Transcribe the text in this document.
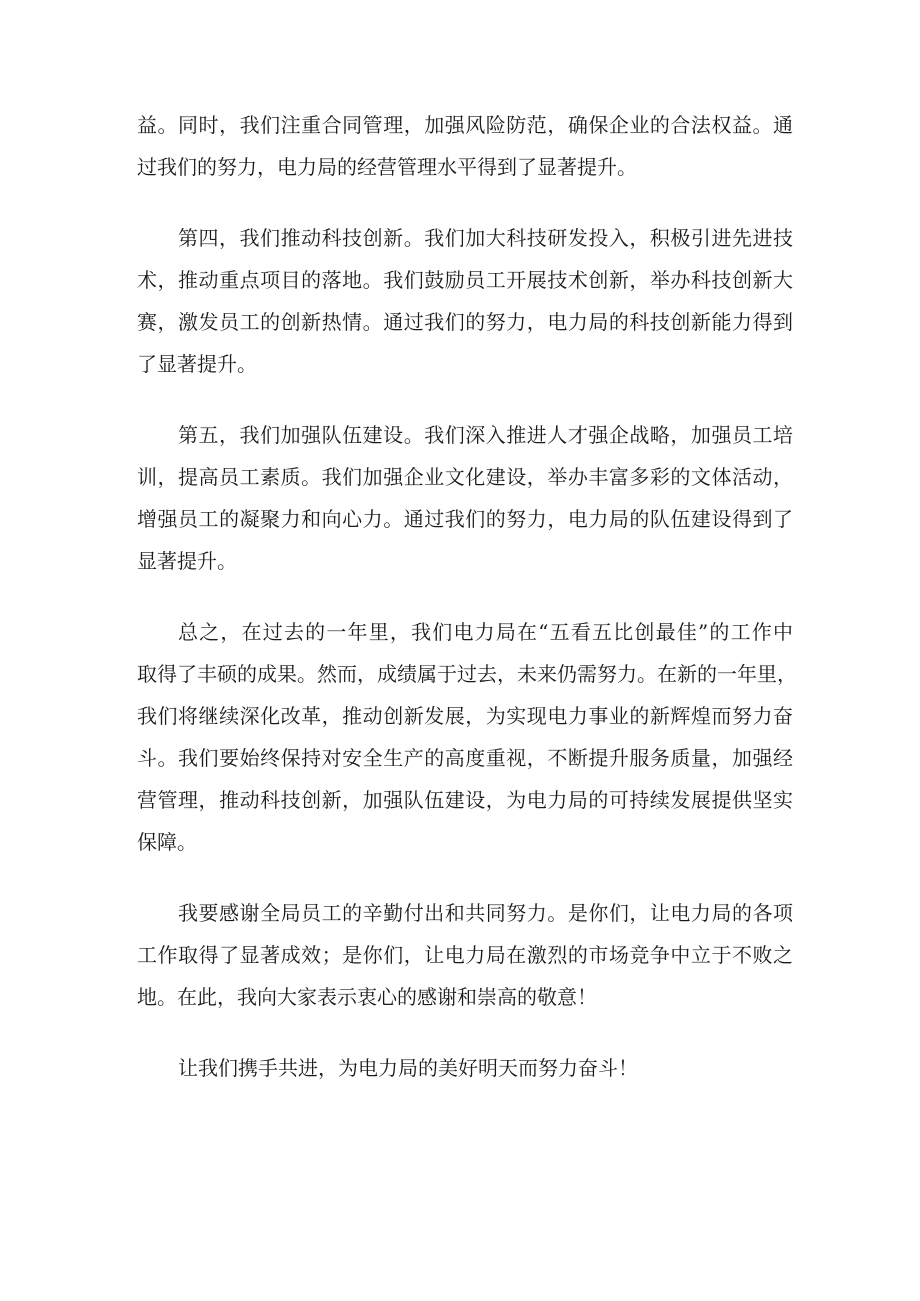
益。同时，我们注重合同管理，加强风险防范，确保企业的合法权益。通
过我们的努力，电力局的经营管理水平得到了显著提升。
第四，我们推动科技创新。我们加大科技研发投入，积极引进先进技
术，推动重点项目的落地。我们鼓励员工开展技术创新，举办科技创新大
赛，激发员工的创新热情。通过我们的努力，电力局的科技创新能力得到
了显著提升。
第五，我们加强队伍建设。我们深入推进人才强企战略，加强员工培
训，提高员工素质。我们加强企业文化建设，举办丰富多彩的文体活动，
增强员工的凝聚力和向心力。通过我们的努力，电力局的队伍建设得到了
显著提升。
总之，在过去的一年里，我们电力局在“五看五比创最佳”的工作中
取得了丰硕的成果。然而，成绩属于过去，未来仍需努力。在新的一年里，
我们将继续深化改革，推动创新发展，为实现电力事业的新辉煌而努力奋
斗。我们要始终保持对安全生产的高度重视，不断提升服务质量，加强经
营管理，推动科技创新，加强队伍建设，为电力局的可持续发展提供坚实
保障。
我要感谢全局员工的辛勤付出和共同努力。是你们，让电力局的各项
工作取得了显著成效；是你们，让电力局在激烈的市场竞争中立于不败之
地。在此，我向大家表示衷心的感谢和崇高的敬意！
让我们携手共进，为电力局的美好明天而努力奋斗！
